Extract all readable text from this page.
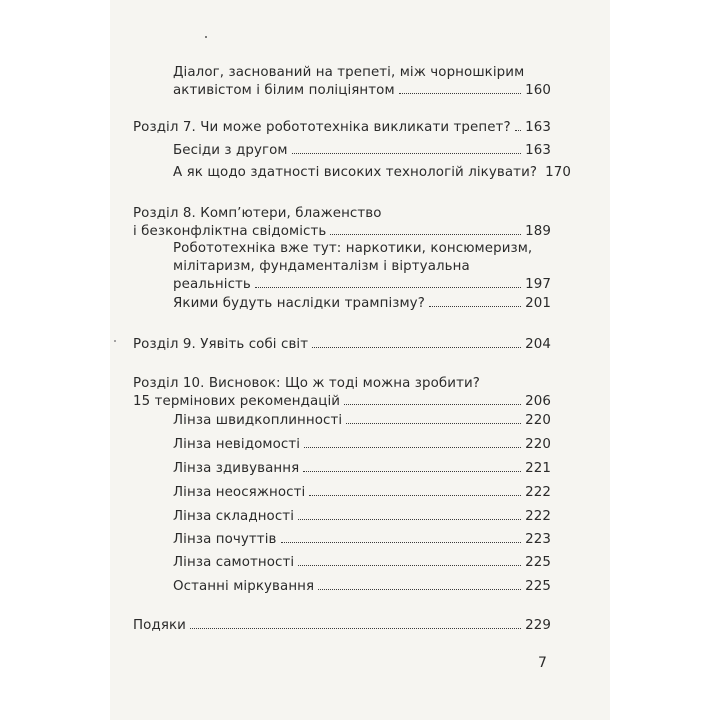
Діалог, заснований на трепеті, між чорношкірим
активістом і білим поліціянтом	160
Розділ 7. Чи може робототехніка викликати трепет? 163
Бесіди з другом	163
А як щодо здатності високих технологій лікувати? 170
Розділ 8. Комп’ютери, блаженство
і безконфліктна свідомість	189
Робототехніка вже тут: наркотики, консюмеризм,
мілітаризм, фундаменталізм і віртуальна
реальність	197
Якими будуть наслідки трампізму?	201
Розділ 9. Уявіть собі світ	204
Розділ 10. Висновок: Що ж тоді можна зробити?
15 термінових рекомендацій	206
Лінза швидкоплинності	220
Лінза невідомості	220
Лінза здивування	221
Лінза неосяжності	222
Лінза складності	222
Лінза почуттів	223
Лінза самотності	225
Останні міркування	225
Подяки	229
7
